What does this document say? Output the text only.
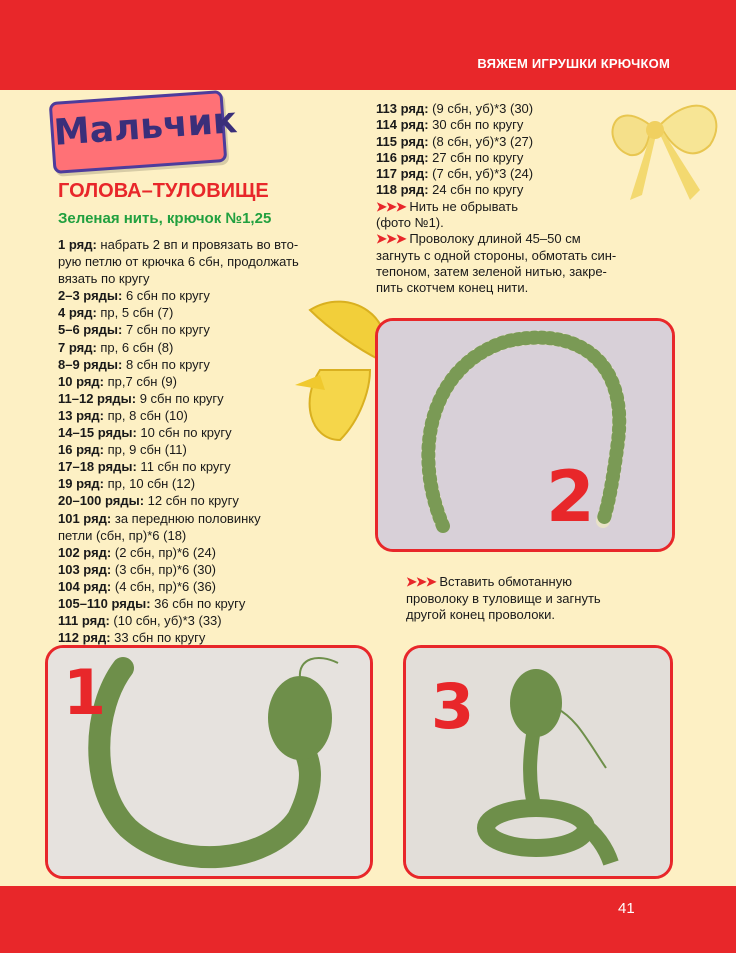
ВЯЖЕМ ИГРУШКИ КРЮЧКОМ
Мальчик
ГОЛОВА–ТУЛОВИЩЕ
Зеленая нить, крючок №1,25
1 ряд: набрать 2 вп и провязать во вто-
рую петлю от крючка 6 сбн, продолжать
вязать по кругу
2–3 ряды: 6 сбн по кругу
4 ряд: пр, 5 сбн (7)
5–6 ряды: 7 сбн по кругу
7 ряд: пр, 6 сбн (8)
8–9 ряды: 8 сбн по кругу
10 ряд: пр,7 сбн (9)
11–12 ряды: 9 сбн по кругу
13 ряд: пр, 8 сбн (10)
14–15 ряды: 10 сбн по кругу
16 ряд: пр, 9 сбн (11)
17–18 ряды: 11 сбн по кругу
19 ряд: пр, 10 сбн (12)
20–100 ряды: 12 сбн по кругу
101 ряд: за переднюю половинку
петли (сбн, пр)*6 (18)
102 ряд: (2 сбн, пр)*6 (24)
103 ряд: (3 сбн, пр)*6 (30)
104 ряд: (4 сбн, пр)*6 (36)
105–110 ряды: 36 сбн по кругу
111 ряд: (10 сбн, уб)*3 (33)
112 ряд: 33 сбн по кругу
113 ряд: (9 сбн, уб)*3 (30)
114 ряд: 30 сбн по кругу
115 ряд: (8 сбн, уб)*3 (27)
116 ряд: 27 сбн по кругу
117 ряд: (7 сбн, уб)*3 (24)
118 ряд: 24 сбн по кругу
➤➤➤ Нить не обрывать
(фото №1).
➤➤➤ Проволоку длиной 45–50 см
загнуть с одной стороны, обмотать син-
тепоном, затем зеленой нитью, закре-
пить скотчем конец нити.
2
➤➤➤ Вставить обмотанную
проволоку в туловище и загнуть
другой конец проволоки.
1	3
41
